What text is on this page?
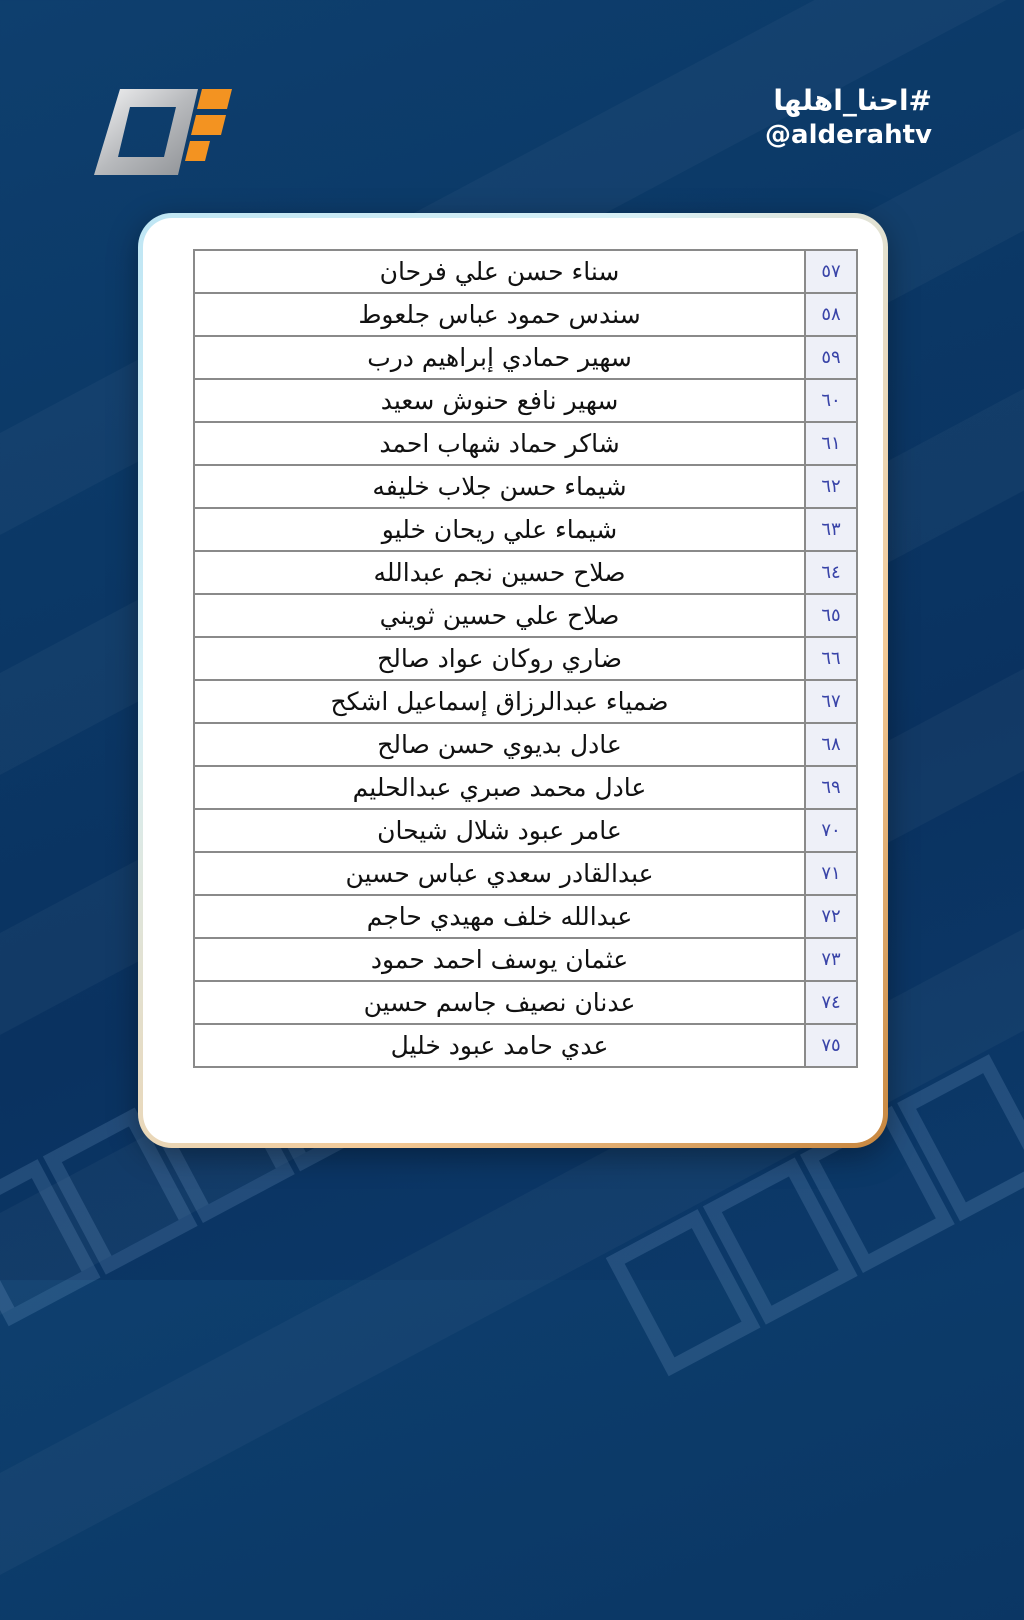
#احنا_اهلها
@alderahtv
سناء حسن علي فرحان	٥٧
سندس حمود عباس جلعوط	٥٨
سهير حمادي إبراهيم درب	٥٩
سهير نافع حنوش سعيد	٦٠
شاكر حماد شهاب احمد	٦١
شيماء حسن جلاب خليفه	٦٢
شيماء علي ريحان خليو	٦٣
صلاح حسين نجم عبدالله	٦٤
صلاح علي حسين ثويني	٦٥
ضاري روكان عواد صالح	٦٦
ضمياء عبدالرزاق إسماعيل اشكح	٦٧
عادل بديوي حسن صالح	٦٨
عادل محمد صبري عبدالحليم	٦٩
عامر عبود شلال شيحان	٧٠
عبدالقادر سعدي عباس حسين	٧١
عبدالله خلف مهيدي حاجم	٧٢
عثمان يوسف احمد حمود	٧٣
عدنان نصيف جاسم حسين	٧٤
عدي حامد عبود خليل	٧٥
